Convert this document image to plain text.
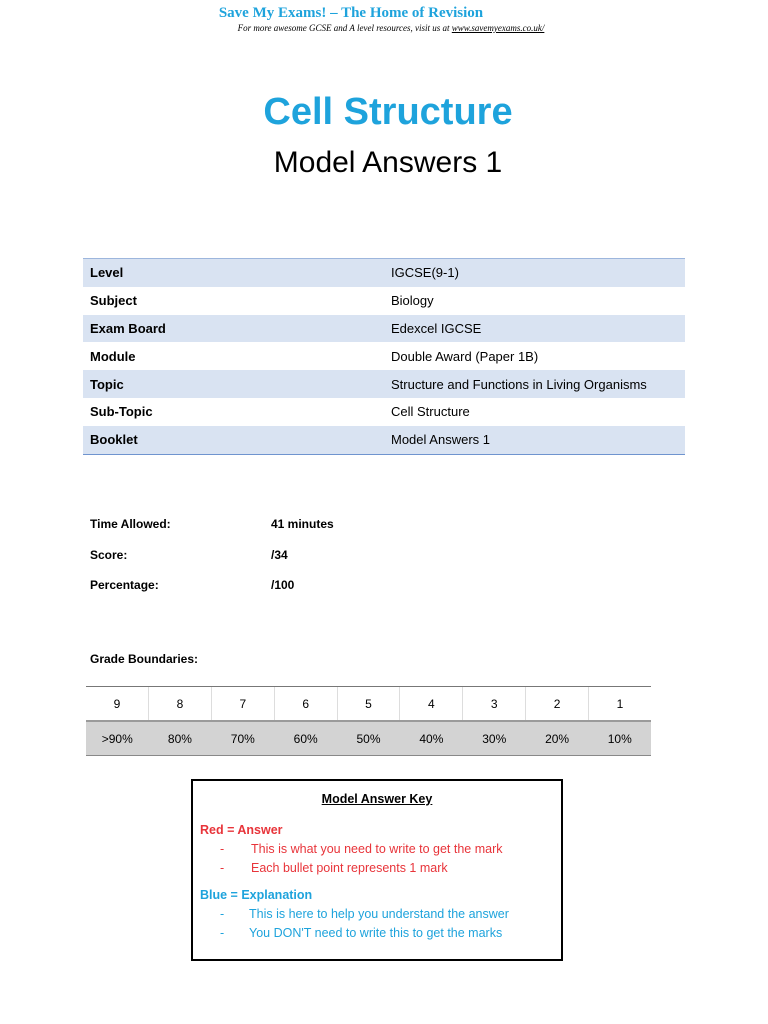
Save My Exams! – The Home of Revision
For more awesome GCSE and A level resources, visit us at www.savemyexams.co.uk/
Cell Structure
Model Answers 1
Level	IGCSE(9-1)
Subject	Biology
Exam Board	Edexcel IGCSE
Module	Double Award (Paper 1B)
Topic	Structure and Functions in Living Organisms
Sub-Topic	Cell Structure
Booklet	Model Answers 1
Time Allowed:	41 minutes
Score:	/34
Percentage:	/100
Grade Boundaries:
9	8	7	6	5	4	3	2	1
>90%	80%	70%	60%	50%	40%	30%	20%	10%
Model Answer Key
Red = Answer
- This is what you need to write to get the mark
- Each bullet point represents 1 mark
Blue = Explanation
- This is here to help you understand the answer
- You DON'T need to write this to get the marks
